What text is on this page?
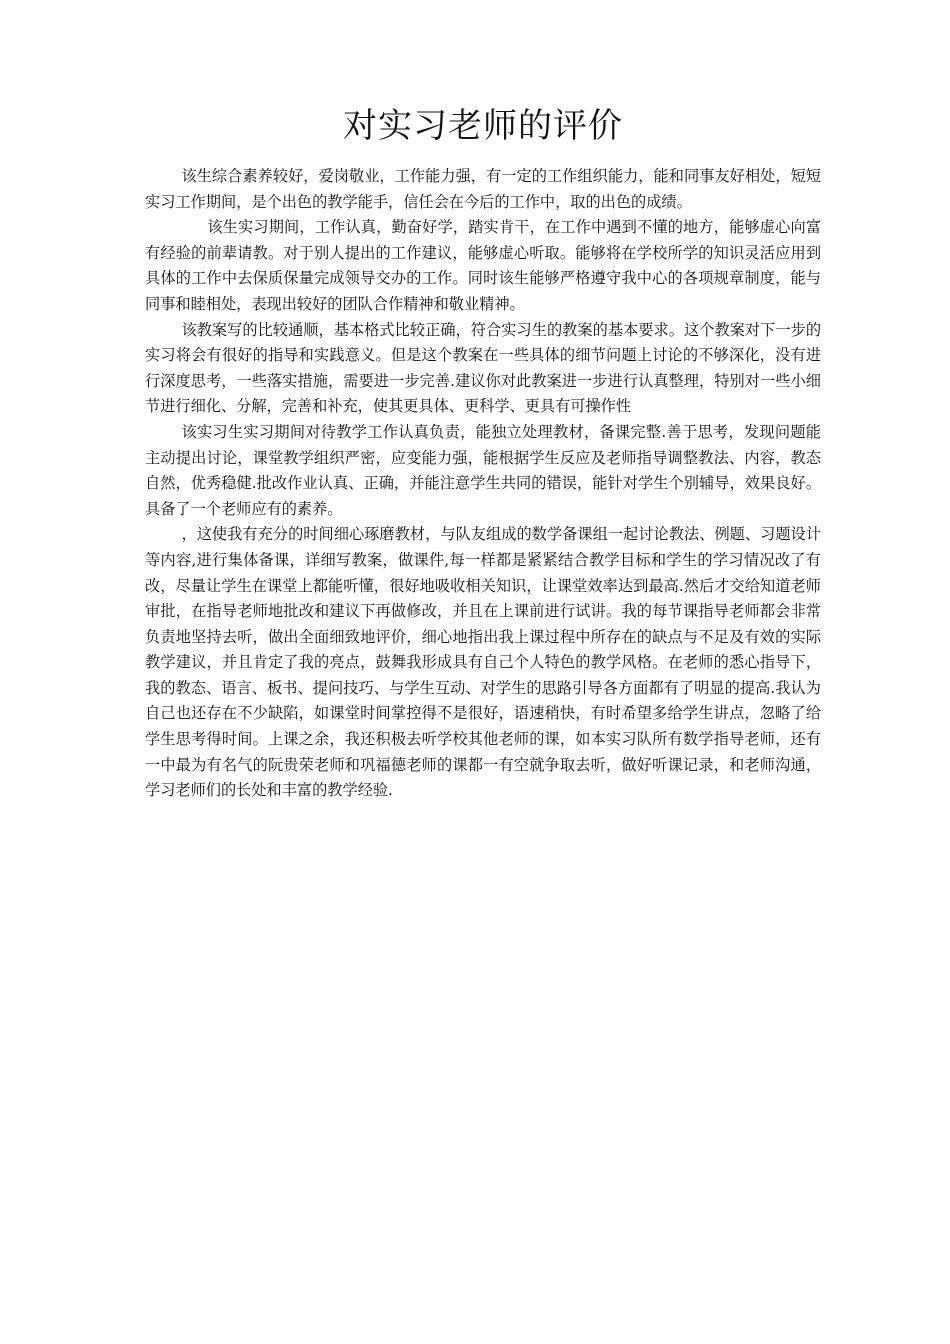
对实习老师的评价

该生综合素养较好，爱岗敬业，工作能力强，有一定的工作组织能力，能和同事友好相处，短短实习工作期间，是个出色的教学能手，信任会在今后的工作中，取的出色的成绩。

该生实习期间，工作认真，勤奋好学，踏实肯干，在工作中遇到不懂的地方，能够虚心向富有经验的前辈请教。对于别人提出的工作建议，能够虚心听取。能够将在学校所学的知识灵活应用到具体的工作中去保质保量完成领导交办的工作。同时该生能够严格遵守我中心的各项规章制度，能与同事和睦相处，表现出较好的团队合作精神和敬业精神。

该教案写的比较通顺，基本格式比较正确，符合实习生的教案的基本要求。这个教案对下一步的实习将会有很好的指导和实践意义。但是这个教案在一些具体的细节问题上讨论的不够深化，没有进行深度思考，一些落实措施，需要进一步完善.建议你对此教案进一步进行认真整理，特别对一些小细节进行细化、分解，完善和补充，使其更具体、更科学、更具有可操作性

该实习生实习期间对待教学工作认真负责，能独立处理教材，备课完整.善于思考，发现问题能主动提出讨论，课堂教学组织严密，应变能力强，能根据学生反应及老师指导调整教法、内容，教态自然，优秀稳健.批改作业认真、正确，并能注意学生共同的错误，能针对学生个别辅导，效果良好。具备了一个老师应有的素养。

，这使我有充分的时间细心琢磨教材，与队友组成的数学备课组一起讨论教法、例题、习题设计等内容,进行集体备课，详细写教案，做课件,每一样都是紧紧结合教学目标和学生的学习情况改了有改，尽量让学生在课堂上都能听懂，很好地吸收相关知识，让课堂效率达到最高.然后才交给知道老师审批，在指导老师地批改和建议下再做修改，并且在上课前进行试讲。我的每节课指导老师都会非常负责地坚持去听，做出全面细致地评价，细心地指出我上课过程中所存在的缺点与不足及有效的实际教学建议，并且肯定了我的亮点，鼓舞我形成具有自己个人特色的教学风格。在老师的悉心指导下，我的教态、语言、板书、提问技巧、与学生互动、对学生的思路引导各方面都有了明显的提高.我认为自己也还存在不少缺陷，如课堂时间掌控得不是很好，语速稍快，有时希望多给学生讲点，忽略了给学生思考得时间。上课之余，我还积极去听学校其他老师的课，如本实习队所有数学指导老师，还有一中最为有名气的阮贵荣老师和巩福德老师的课都一有空就争取去听，做好听课记录，和老师沟通，学习老师们的长处和丰富的教学经验.
